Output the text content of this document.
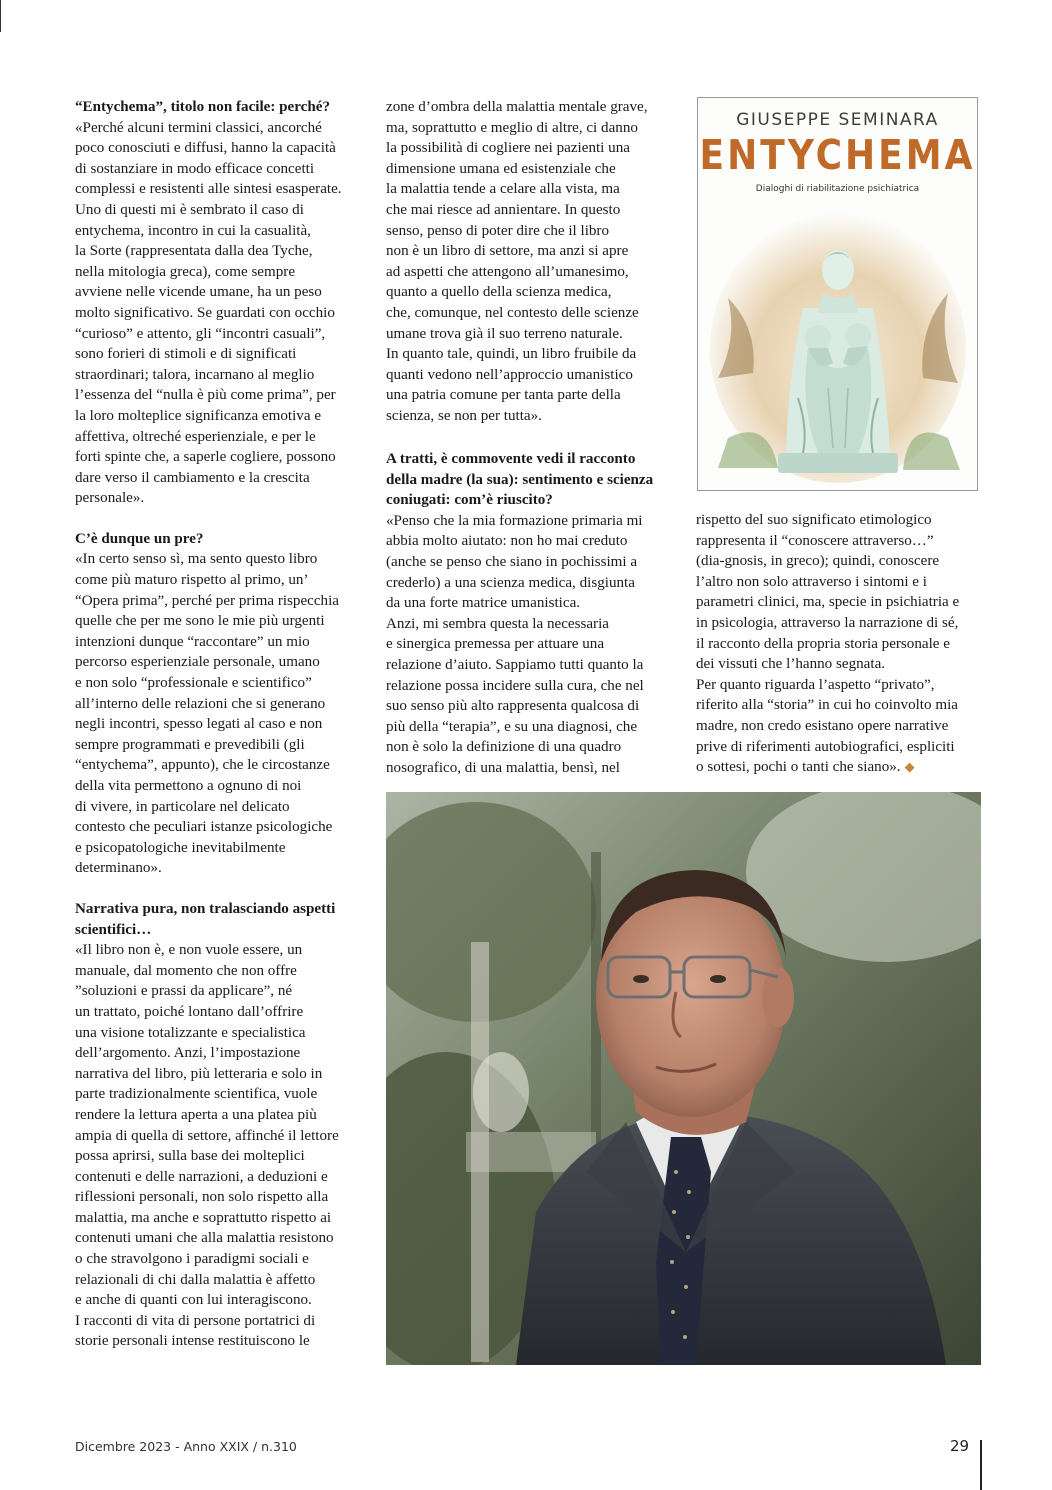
“Entychema”, titolo non facile: perché?

«Perché alcuni termini classici, ancorché
poco conosciuti e diffusi, hanno la capacità
di sostanziare in modo efficace concetti
complessi e resistenti alle sintesi esasperate.
Uno di questi mi è sembrato il caso di
entychema, incontro in cui la casualità,
la Sorte (rappresentata dalla dea Tyche,
nella mitologia greca), come sempre
avviene nelle vicende umane, ha un peso
molto significativo. Se guardati con occhio
“curioso” e attento, gli “incontri casuali”,
sono forieri di stimoli e di significati
straordinari; talora, incarnano al meglio
l’essenza del “nulla è più come prima”, per
la loro molteplice significanza emotiva e
affettiva, oltreché esperienziale, e per le
forti spinte che, a saperle cogliere, possono
dare verso il cambiamento e la crescita
personale».

C’è dunque un pre?

«In certo senso sì, ma sento questo libro
come più maturo rispetto al primo, un’
“Opera prima”, perché per prima rispecchia
quelle che per me sono le mie più urgenti
intenzioni dunque “raccontare” un mio
percorso esperienziale personale, umano
e non solo “professionale e scientifico”
all’interno delle relazioni che si generano
negli incontri, spesso legati al caso e non
sempre programmati e prevedibili (gli
“entychema”, appunto), che le circostanze
della vita permettono a ognuno di noi
di vivere, in particolare nel delicato
contesto che peculiari istanze psicologiche
e psicopatologiche inevitabilmente
determinano».

Narrativa pura, non tralasciando aspetti
scientifici…

«Il libro non è, e non vuole essere, un
manuale, dal momento che non offre
”soluzioni e prassi da applicare”, né
un trattato, poiché lontano dall’offrire
una visione totalizzante e specialistica
dell’argomento. Anzi, l’impostazione
narrativa del libro, più letteraria e solo in
parte tradizionalmente scientifica, vuole
rendere la lettura aperta a una platea più
ampia di quella di settore, affinché il lettore
possa aprirsi, sulla base dei molteplici
contenuti e delle narrazioni, a deduzioni e
riflessioni personali, non solo rispetto alla
malattia, ma anche e soprattutto rispetto ai
contenuti umani che alla malattia resistono
o che stravolgono i paradigmi sociali e
relazionali di chi dalla malattia è affetto
e anche di quanti con lui interagiscono.
I racconti di vita di persone portatrici di
storie personali intense restituiscono le

zone d’ombra della malattia mentale grave,
ma, soprattutto e meglio di altre, ci danno
la possibilità di cogliere nei pazienti una
dimensione umana ed esistenziale che
la malattia tende a celare alla vista, ma
che mai riesce ad annientare. In questo
senso, penso di poter dire che il libro
non è un libro di settore, ma anzi si apre
ad aspetti che attengono all’umanesimo,
quanto a quello della scienza medica,
che, comunque, nel contesto delle scienze
umane trova già il suo terreno naturale.
In quanto tale, quindi, un libro fruibile da
quanti vedono nell’approccio umanistico
una patria comune per tanta parte della
scienza, se non per tutta».

A tratti, è commovente vedi il racconto
della madre (la sua): sentimento e scienza
coniugati: com’è riuscito?

«Penso che la mia formazione primaria mi
abbia molto aiutato: non ho mai creduto
(anche se penso che siano in pochissimi a
crederlo) a una scienza medica, disgiunta
da una forte matrice umanistica.
Anzi, mi sembra questa la necessaria
e sinergica premessa per attuare una
relazione d’aiuto. Sappiamo tutti quanto la
relazione possa incidere sulla cura, che nel
suo senso più alto rappresenta qualcosa di
più della “terapia”, e su una diagnosi, che
non è solo la definizione di una quadro
nosografico, di una malattia, bensì, nel

rispetto del suo significato etimologico
rappresenta il “conoscere attraverso…”
(dia-gnosis, in greco); quindi, conoscere
l’altro non solo attraverso i sintomi e i
parametri clinici, ma, specie in psichiatria e
in psicologia, attraverso la narrazione di sé,
il racconto della propria storia personale e
dei vissuti che l’hanno segnata.
Per quanto riguarda l’aspetto “privato”,
riferito alla “storia” in cui ho coinvolto mia
madre, non credo esistano opere narrative
prive di riferimenti autobiografici, espliciti
o sottesi, pochi o tanti che siano». ◆

GIUSEPPE SEMINARA
ENTYCHEMA
Dialoghi di riabilitazione psichiatrica
Dicembre 2023 - Anno XXIX / n.310	29
